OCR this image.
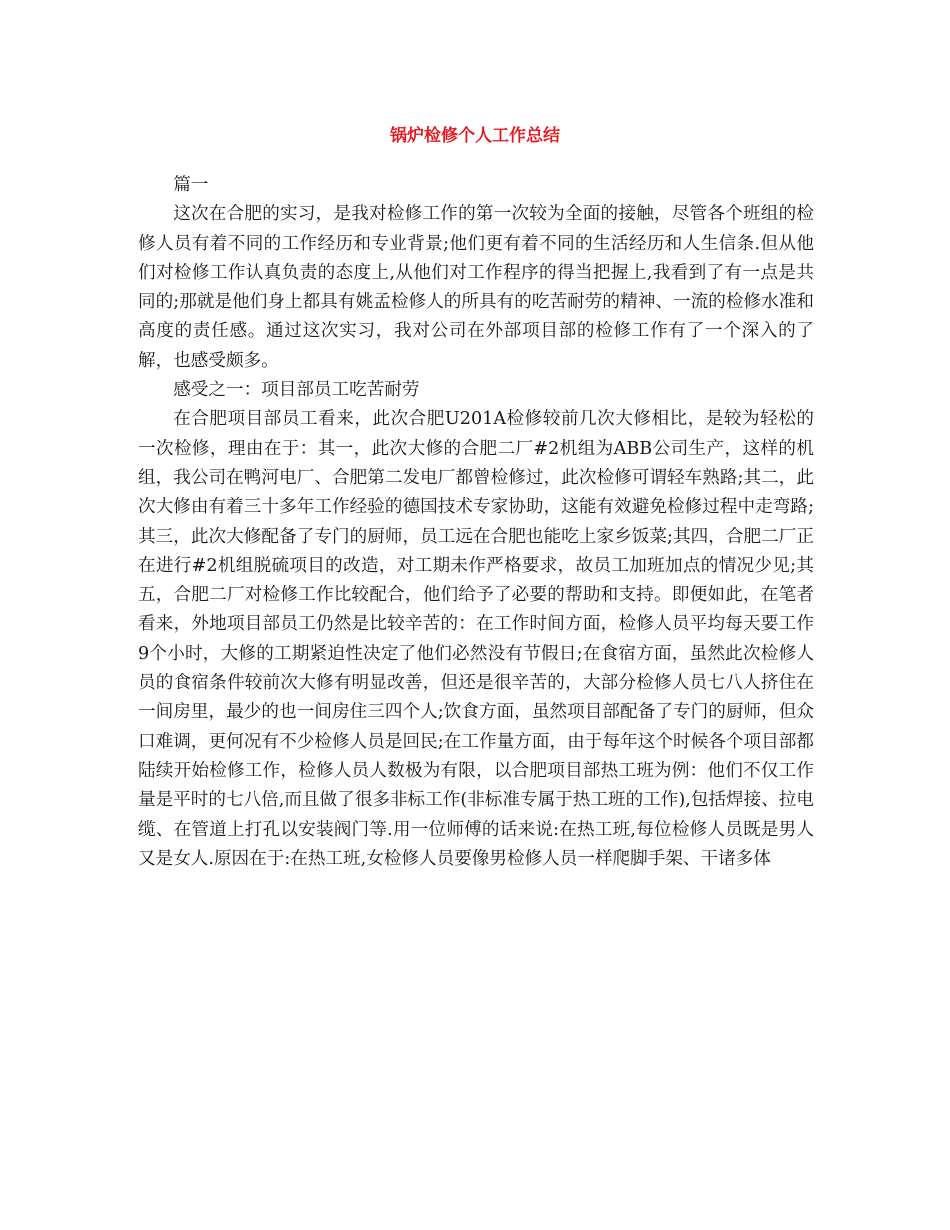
锅炉检修个人工作总结

篇一

这次在合肥的实习，是我对检修工作的第一次较为全面的接触，尽管各个班组的检修人员有着不同的工作经历和专业背景;他们更有着不同的生活经历和人生信条.但从他们对检修工作认真负责的态度上,从他们对工作程序的得当把握上,我看到了有一点是共同的;那就是他们身上都具有姚孟检修人的所具有的吃苦耐劳的精神、一流的检修水准和高度的责任感。通过这次实习，我对公司在外部项目部的检修工作有了一个深入的了解，也感受颇多。

感受之一：项目部员工吃苦耐劳

在合肥项目部员工看来，此次合肥U201A检修较前几次大修相比，是较为轻松的一次检修，理由在于：其一，此次大修的合肥二厂#2机组为ABB公司生产，这样的机组，我公司在鸭河电厂、合肥第二发电厂都曾检修过，此次检修可谓轻车熟路;其二，此次大修由有着三十多年工作经验的德国技术专家协助，这能有效避免检修过程中走弯路;其三，此次大修配备了专门的厨师，员工远在合肥也能吃上家乡饭菜;其四，合肥二厂正在进行#2机组脱硫项目的改造，对工期未作严格要求，故员工加班加点的情况少见;其五，合肥二厂对检修工作比较配合，他们给予了必要的帮助和支持。即便如此，在笔者看来，外地项目部员工仍然是比较辛苦的：在工作时间方面，检修人员平均每天要工作9个小时，大修的工期紧迫性决定了他们必然没有节假日;在食宿方面，虽然此次检修人员的食宿条件较前次大修有明显改善，但还是很辛苦的，大部分检修人员七八人挤住在一间房里，最少的也一间房住三四个人;饮食方面，虽然项目部配备了专门的厨师，但众口难调，更何况有不少检修人员是回民;在工作量方面，由于每年这个时候各个项目部都陆续开始检修工作，检修人员人数极为有限，以合肥项目部热工班为例：他们不仅工作量是平时的七八倍,而且做了很多非标工作(非标准专属于热工班的工作),包括焊接、拉电缆、在管道上打孔以安装阀门等.用一位师傅的话来说:在热工班,每位检修人员既是男人又是女人.原因在于:在热工班,女检修人员要像男检修人员一样爬脚手架、干诸多体
